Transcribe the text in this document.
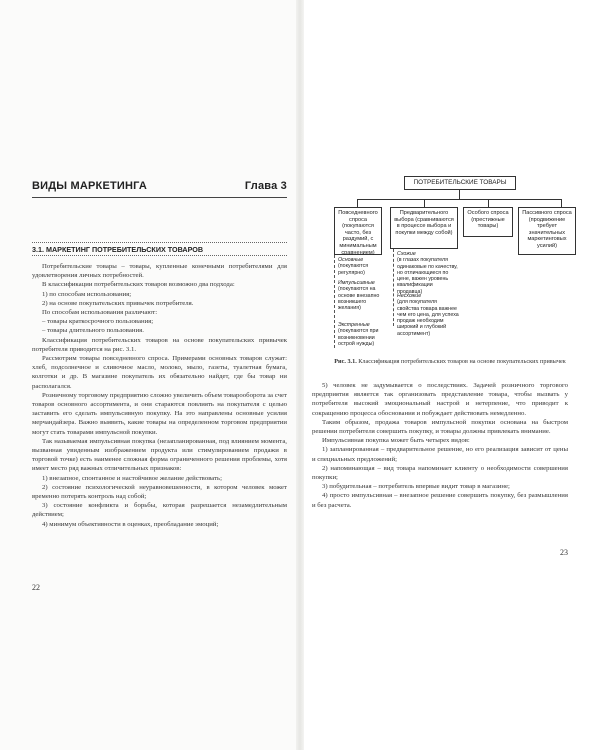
ВИДЫ МАРКЕТИНГА	Глава 3
3.1. МАРКЕТИНГ ПОТРЕБИТЕЛЬСКИХ ТОВАРОВ

Потребительские товары – товары, купленные конечными потребителями для удовлетворения личных потребностей.

В классификации потребительских товаров возможно два подхода:

1) по способам использования;

2) на основе покупательских привычек потребителя.

По способам использования различают:

– товары краткосрочного пользования;

– товары длительного пользования.

Классификация потребительских товаров на основе покупательских привычек потребителя приводится на рис. 3.1.

Рассмотрим товары повседневного спроса. Примерами основных товаров служат: хлеб, подсолнечное и сливочное масло, молоко, мыло, газеты, туалетная бумага, колготки и др. В магазине покупатель их обязательно найдет, где бы товар ни располагался.

Розничному торговому предприятию сложно увеличить объем товарооборота за счет товаров основного ассортимента, и они стараются повлиять на покупателя с целью заставить его сделать импульсивную покупку. На это направлены основные усилия мерчандайзера. Важно выявить, какие товары на определенном торговом предприятии могут стать товарами импульсной покупки.

Так называемая импульсивная покупка (незапланированная, под влиянием момента, вызванная увиденным изображением продукта или стимулированием продажи в торговой точке) есть наименее сложная форма ограниченного решения проблемы, хотя имеет место ряд важных отличительных признаков:

1) внезапное, спонтанное и настойчивое желание действовать;

2) состояние психологической неуравновешенности, в котором человек может временно потерять контроль над собой;

3) состояние конфликта и борьбы, которая разрешается незамедлительным действием;

4) минимум объективности в оценках, преобладание эмоций;

22
ПОТРЕБИТЕЛЬСКИЕ ТОВАРЫ
Повседневного спроса (покупаются часто, без раздумий, с минимальным сравнением)
Предварительного выбора (сравниваются в процессе выбора и покупки между собой)
Особого спроса (престижные товары)
Пассивного спроса (продвижение требует значительных маркетинговых усилий)
Основные
(покупаются регулярно)
Импульсивные
(покупаются на основе внезапно возникшего желания)
Экстренные
(покупаются при возникновении острой нужды)
Схожие
(в глазах покупателя одинаковые по качеству, но отличающиеся по цене, важен уровень квалификации продавца)
Несхожие
(для покупателя свойства товара важнее чем его цена, для успеха продаж необходим широкий и глубокий ассортимент)
Рис. 3.1. Классификация потребительских товаров на основе покупательских привычек

5) человек не задумывается о последствиях. Задачей розничного торгового предприятия является так организовать представление товара, чтобы вызвать у потребителя высокий эмоциональный настрой и нетерпение, что приводит к сокращению процесса обоснования и побуждает действовать немедленно.

Таким образом, продажа товаров импульсной покупки основана на быстром решении потребителя совершить покупку, и товары должны привлекать внимание.

Импульсивная покупка может быть четырех видов:

1) запланированная – предварительное решение, но его реализация зависит от цены и специальных предложений;

2) напоминающая – вид товара напоминает клиенту о необходимости совершения покупки;

3) побудительная – потребитель впервые видит товар в магазине;

4) просто импульсивная – внезапное решение совершить покупку, без размышления и без расчета.

23
